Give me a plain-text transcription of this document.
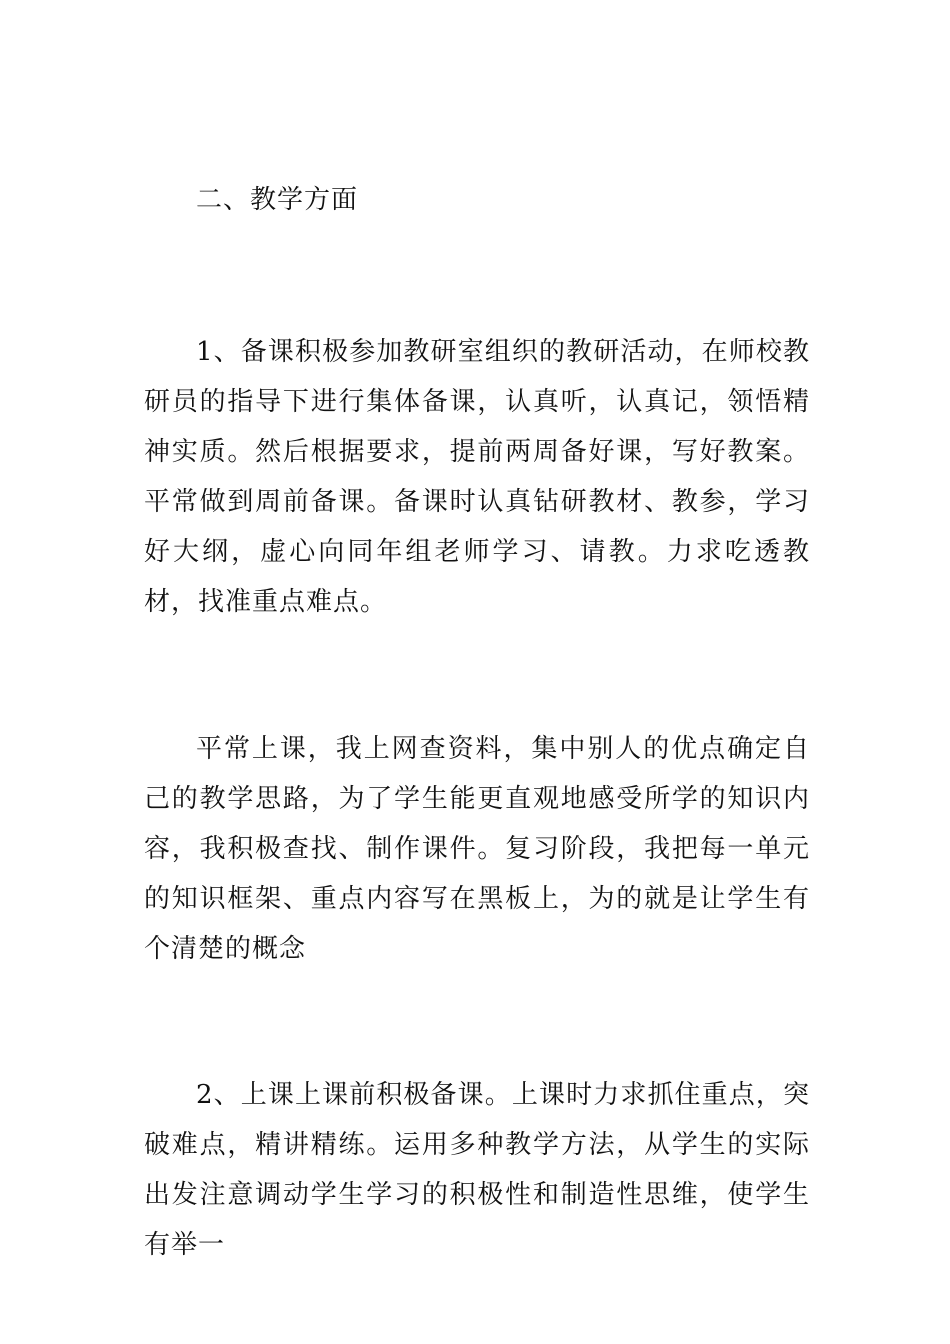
二、教学方面

1、备课积极参加教研室组织的教研活动，在师校教研员的指导下进行集体备课，认真听，认真记，领悟精神实质。然后根据要求，提前两周备好课，写好教案。平常做到周前备课。备课时认真钻研教材、教参，学习好大纲，虚心向同年组老师学习、请教。力求吃透教材，找准重点难点。

平常上课，我上网查资料，集中别人的优点确定自己的教学思路，为了学生能更直观地感受所学的知识内容，我积极查找、制作课件。复习阶段，我把每一单元的知识框架、重点内容写在黑板上，为的就是让学生有个清楚的概念

2、上课上课前积极备课。上课时力求抓住重点，突破难点，精讲精练。运用多种教学方法，从学生的实际出发注意调动学生学习的积极性和制造性思维，使学生有举一
